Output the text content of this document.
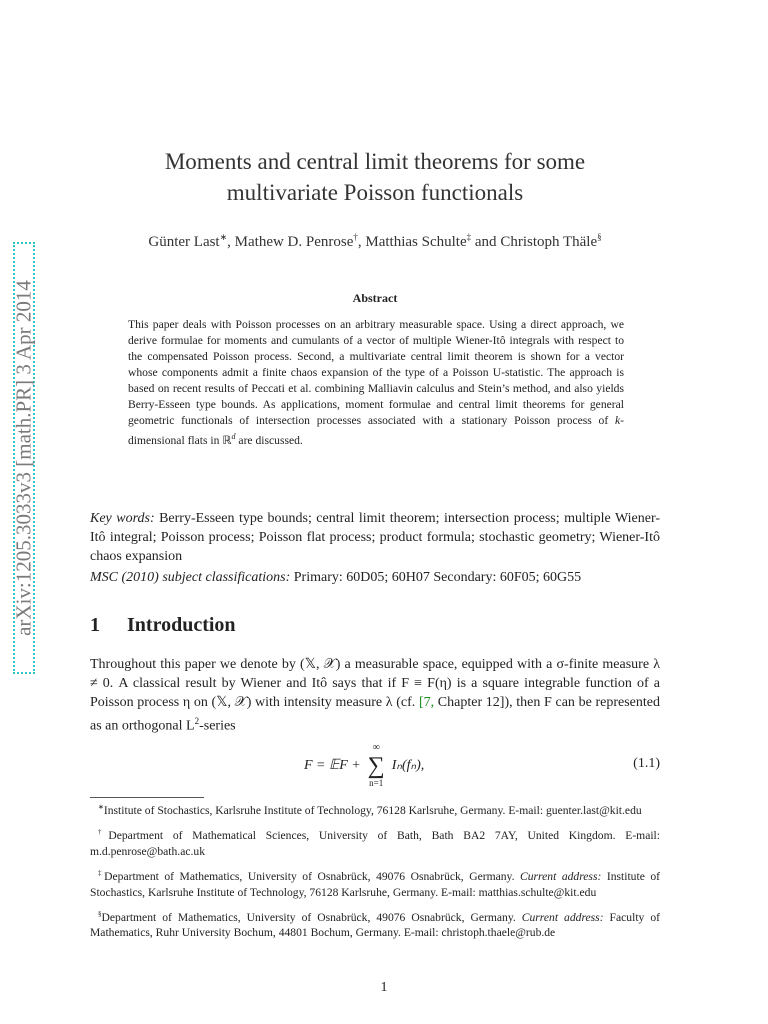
arXiv:1205.3033v3 [math.PR] 3 Apr 2014
Moments and central limit theorems for some
multivariate Poisson functionals
Günter Last∗, Mathew D. Penrose†, Matthias Schulte‡ and Christoph Thäle§
Abstract
This paper deals with Poisson processes on an arbitrary measurable space. Using a direct approach, we derive formulae for moments and cumulants of a vector of multiple Wiener-Itô integrals with respect to the compensated Poisson process. Second, a multivariate central limit theorem is shown for a vector whose components admit a finite chaos expansion of the type of a Poisson U-statistic. The approach is based on recent results of Peccati et al. combining Malliavin calculus and Stein’s method, and also yields Berry-Esseen type bounds. As applications, moment formulae and central limit theorems for general geometric functionals of intersection processes associated with a stationary Poisson process of k-dimensional flats in ℝ$^d$ are discussed.
Key words: Berry-Esseen type bounds; central limit theorem; intersection process; multiple Wiener-Itô integral; Poisson process; Poisson flat process; product formula; stochastic geometry; Wiener-Itô chaos expansion
MSC (2010) subject classifications: Primary: 60D05; 60H07 Secondary: 60F05; 60G55
1 Introduction
Throughout this paper we denote by (𝕏, 𝒳) a measurable space, equipped with a σ-finite measure λ ≠ 0. A classical result by Wiener and Itô says that if F ≡ F(η) is a square integrable function of a Poisson process η on (𝕏, 𝒳) with intensity measure λ (cf. [7, Chapter 12]), then F can be represented as an orthogonal $L^2$-series
F = 𝔼F +
∞
∑
n=1
Iₙ(fₙ),	(1.1)

∗Institute of Stochastics, Karlsruhe Institute of Technology, 76128 Karlsruhe, Germany. E-mail: guenter.last@kit.edu

†Department of Mathematical Sciences, University of Bath, Bath BA2 7AY, United Kingdom. E-mail: m.d.penrose@bath.ac.uk

‡Department of Mathematics, University of Osnabrück, 49076 Osnabrück, Germany. Current address: Institute of Stochastics, Karlsruhe Institute of Technology, 76128 Karlsruhe, Germany. E-mail: matthias.schulte@kit.edu

§Department of Mathematics, University of Osnabrück, 49076 Osnabrück, Germany. Current address: Faculty of Mathematics, Ruhr University Bochum, 44801 Bochum, Germany. E-mail: christoph.thaele@rub.de

1
